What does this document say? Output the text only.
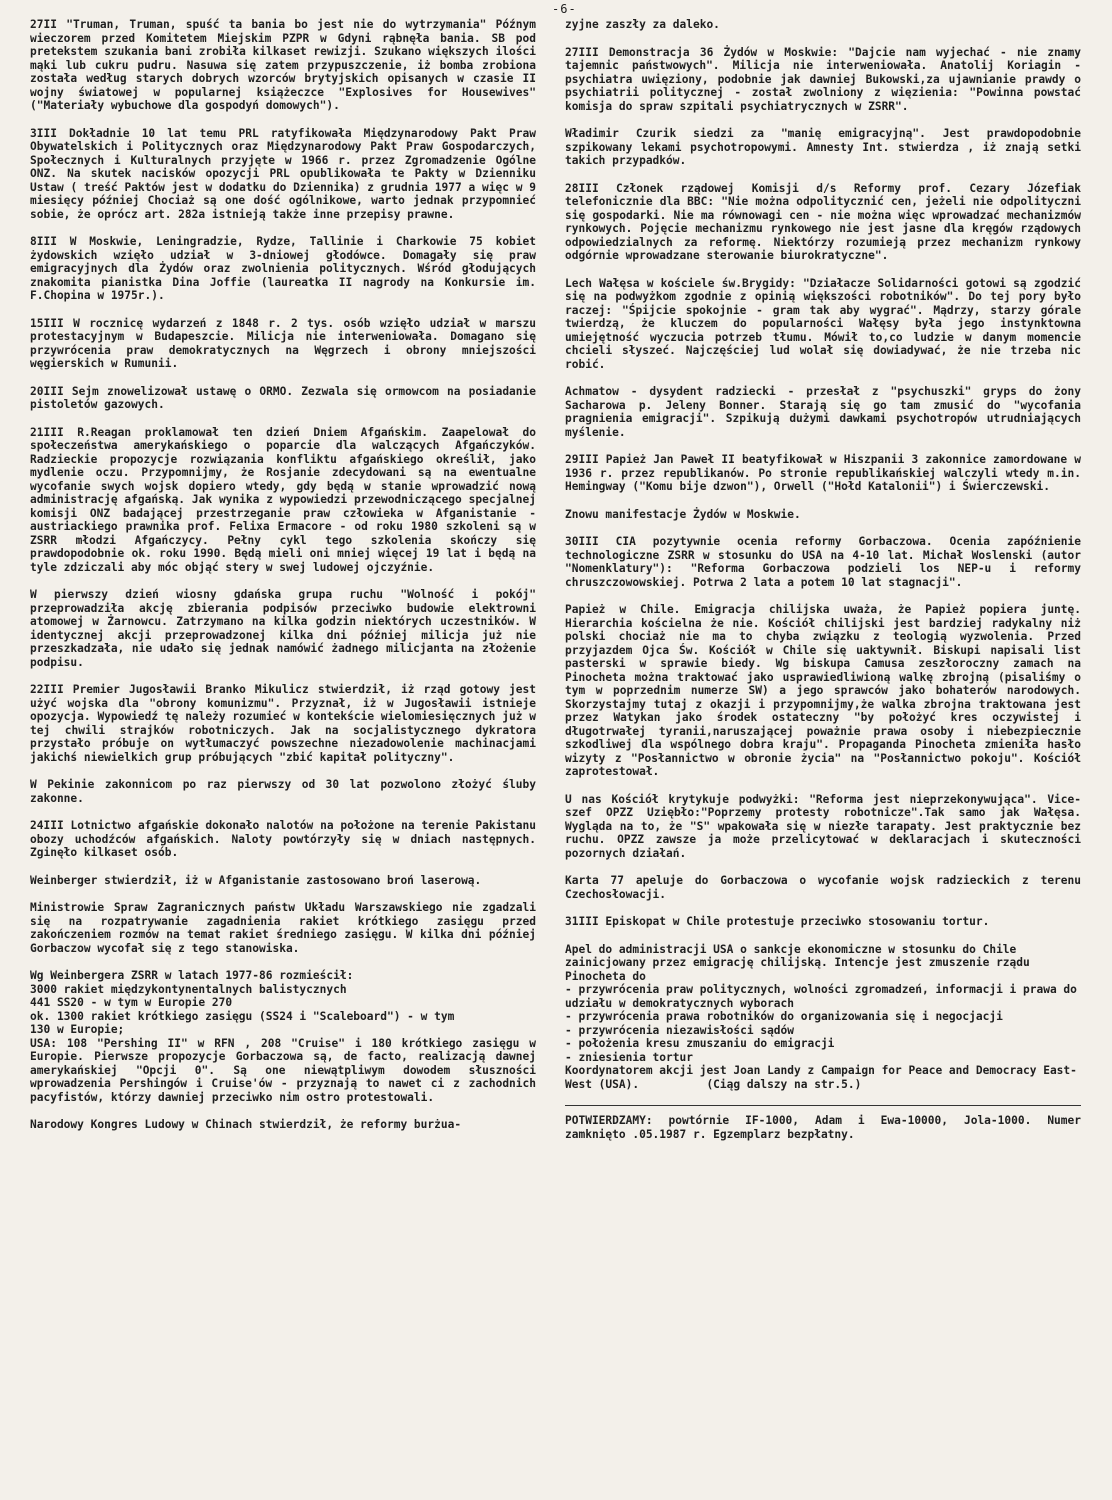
-6-

27II "Truman, Truman, spuść ta bania bo jest nie do wytrzymania" Późnym wieczorem przed Komitetem Miejskim PZPR w Gdyni rąbnęła bania. SB pod pretekstem szukania bani zrobiła kilkaset rewizji. Szukano większych ilości mąki lub cukru pudru. Nasuwa się zatem przypuszczenie, iż bomba zrobiona została według starych dobrych wzorców brytyjskich opisanych w czasie II wojny światowej w popularnej książeczce "Explosives for Housewives" ("Materiały wybuchowe dla gospodyń domowych").

3III Dokładnie 10 lat temu PRL ratyfikowała Międzynarodowy Pakt Praw Obywatelskich i Politycznych oraz Międzynarodowy Pakt Praw Gospodarczych, Społecznych i Kulturalnych przyjęte w 1966 r. przez Zgromadzenie Ogólne ONZ. Na skutek nacisków opozycji PRL opublikowała te Pakty w Dzienniku Ustaw ( treść Paktów jest w dodatku do Dziennika) z grudnia 1977 a więc w 9 miesięcy później Chociaż są one dość ogólnikowe, warto jednak przypomnieć sobie, że oprócz art. 282a istnieją także inne przepisy prawne.

8III W Moskwie, Leningradzie, Rydze, Tallinie i Charkowie 75 kobiet żydowskich wzięło udział w 3-dniowej głodówce. Domagały się praw emigracyjnych dla Żydów oraz zwolnienia politycznych. Wśród głodujących znakomita pianistka Dina Joffie (laureatka II nagrody na Konkursie im. F.Chopina w 1975r.).

15III W rocznicę wydarzeń z 1848 r. 2 tys. osób wzięło udział w marszu protestacyjnym w Budapeszcie. Milicja nie interweniowała. Domagano się przywrócenia praw demokratycznych na Węgrzech i obrony mniejszości węgierskich w Rumunii.

20III Sejm znowelizował ustawę o ORMO. Zezwala się ormowcom na posiadanie pistoletów gazowych.

21III R.Reagan proklamował ten dzień Dniem Afgańskim. Zaapelował do społeczeństwa amerykańskiego o poparcie dla walczących Afgańczyków. Radzieckie propozycje rozwiązania konfliktu afgańskiego określił, jako mydlenie oczu. Przypomnijmy, że Rosjanie zdecydowani są na ewentualne wycofanie swych wojsk dopiero wtedy, gdy będą w stanie wprowadzić nową administrację afgańską. Jak wynika z wypowiedzi przewodniczącego specjalnej komisji ONZ badającej przestrzeganie praw człowieka w Afganistanie - austriackiego prawnika prof. Felixa Ermacore - od roku 1980 szkoleni są w ZSRR młodzi Afgańczycy. Pełny cykl tego szkolenia skończy się prawdopodobnie ok. roku 1990. Będą mieli oni mniej więcej 19 lat i będą na tyle zdziczali aby móc objąć stery w swej ludowej ojczyźnie.

W pierwszy dzień wiosny gdańska grupa ruchu "Wolność i pokój" przeprowadziła akcję zbierania podpisów przeciwko budowie elektrowni atomowej w Żarnowcu. Zatrzymano na kilka godzin niektórych uczestników. W identycznej akcji przeprowadzonej kilka dni później milicja już nie przeszkadzała, nie udało się jednak namówić żadnego milicjanta na złożenie podpisu.

22III Premier Jugosławii Branko Mikulicz stwierdził, iż rząd gotowy jest użyć wojska dla "obrony komunizmu". Przyznał, iż w Jugosławii istnieje opozycja. Wypowiedź tę należy rozumieć w kontekście wielomiesięcznych już w tej chwili strajków robotniczych. Jak na socjalistycznego dykratora przystało próbuje on wytłumaczyć powszechne niezadowolenie machinacjami jakichś niewielkich grup próbujących "zbić kapitał polityczny".

W Pekinie zakonnicom po raz pierwszy od 30 lat pozwolono złożyć śluby zakonne.

24III Lotnictwo afgańskie dokonało nalotów na położone na terenie Pakistanu obozy uchodźców afgańskich. Naloty powtórzyły się w dniach następnych. Zginęło kilkaset osób.

Weinberger stwierdził, iż w Afganistanie zastosowano broń laserową.

Ministrowie Spraw Zagranicznych państw Układu Warszawskiego nie zgadzali się na rozpatrywanie zagadnienia rakiet krótkiego zasięgu przed zakończeniem rozmów na temat rakiet średniego zasięgu. W kilka dni później Gorbaczow wycofał się z tego stanowiska.

Wg Weinbergera ZSRR w latach 1977-86 rozmieścił:
3000 rakiet międzykontynentalnych balistycznych
441 SS20 - w tym w Europie 270
ok. 1300 rakiet krótkiego zasięgu (SS24 i "Scaleboard") - w tym
130 w Europie;

USA: 108 "Pershing II" w RFN , 208 "Cruise" i 180 krótkiego zasięgu w Europie. Pierwsze propozycje Gorbaczowa są, de facto, realizacją dawnej amerykańskiej "Opcji 0". Są one niewątpliwym dowodem słuszności wprowadzenia Pershingów i Cruise'ów - przyznają to nawet ci z zachodnich pacyfistów, którzy dawniej przeciwko nim ostro protestowali.

Narodowy Kongres Ludowy w Chinach stwierdził, że reformy burżua-

zyjne zaszły za daleko.

27III Demonstracja 36 Żydów w Moskwie: "Dajcie nam wyjechać - nie znamy tajemnic państwowych". Milicja nie interweniowała. Anatolij Koriagin - psychiatra uwięziony, podobnie jak dawniej Bukowski,za ujawnianie prawdy o psychiatrii politycznej - został zwolniony z więzienia: "Powinna powstać komisja do spraw szpitali psychiatrycznych w ZSRR".

Władimir Czurik siedzi za "manię emigracyjną". Jest prawdopodobnie szpikowany lekami psychotropowymi. Amnesty Int. stwierdza , iż znają setki takich przypadków.

28III Członek rządowej Komisji d/s Reformy prof. Cezary Józefiak telefonicznie dla BBC: "Nie można odpolitycznić cen, jeżeli nie odpolityczni się gospodarki. Nie ma równowagi cen - nie można więc wprowadzać mechanizmów rynkowych. Pojęcie mechanizmu rynkowego nie jest jasne dla kręgów rządowych odpowiedzialnych za reformę. Niektórzy rozumieją przez mechanizm rynkowy odgórnie wprowadzane sterowanie biurokratyczne".

Lech Wałęsa w kościele św.Brygidy: "Działacze Solidarności gotowi są zgodzić się na podwyżkom zgodnie z opinią większości robotników". Do tej pory było raczej: "Śpijcie spokojnie - gram tak aby wygrać". Mądrzy, starzy górale twierdzą, że kluczem do popularności Wałęsy była jego instynktowna umiejętność wyczucia potrzeb tłumu. Mówił to,co ludzie w danym momencie chcieli słyszeć. Najczęściej lud wolał się dowiadywać, że nie trzeba nic robić.

Achmatow - dysydent radziecki - przesłał z "psychuszki" gryps do żony Sacharowa p. Jeleny Bonner. Starają się go tam zmusić do "wycofania pragnienia emigracji". Szpikują dużymi dawkami psychotropów utrudniających myślenie.

29III Papież Jan Paweł II beatyfikował w Hiszpanii 3 zakonnice zamordowane w 1936 r. przez republikanów. Po stronie republikańskiej walczyli wtedy m.in. Hemingway ("Komu bije dzwon"), Orwell ("Hołd Katalonii") i Świerczewski.

Znowu manifestacje Żydów w Moskwie.

30III CIA pozytywnie ocenia reformy Gorbaczowa. Ocenia zapóźnienie technologiczne ZSRR w stosunku do USA na 4-10 lat. Michał Woslenski (autor "Nomenklatury"): "Reforma Gorbaczowa podzieli los NEP-u i reformy chruszczowowskiej. Potrwa 2 lata a potem 10 lat stagnacji".

Papież w Chile. Emigracja chilijska uważa, że Papież popiera juntę. Hierarchia kościelna że nie. Kościół chilijski jest bardziej radykalny niż polski chociaż nie ma to chyba związku z teologią wyzwolenia. Przed przyjazdem Ojca Św. Kościół w Chile się uaktywnił. Biskupi napisali list pasterski w sprawie biedy. Wg biskupa Camusa zeszłoroczny zamach na Pinocheta można traktować jako usprawiedliwioną walkę zbrojną (pisaliśmy o tym w poprzednim numerze SW) a jego sprawców jako bohaterów narodowych. Skorzystajmy tutaj z okazji i przypomnijmy,że walka zbrojna traktowana jest przez Watykan jako środek ostateczny "by położyć kres oczywistej i długotrwałej tyranii,naruszającej poważnie prawa osoby i niebezpiecznie szkodliwej dla wspólnego dobra kraju". Propaganda Pinocheta zmieniła hasło wizyty z "Posłannictwo w obronie życia" na "Posłannictwo pokoju". Kościół zaprotestował.

U nas Kościół krytykuje podwyżki: "Reforma jest nieprzekonywująca". Vice-szef OPZZ Uziębło:"Poprzemy protesty robotnicze".Tak samo jak Wałęsa. Wygląda na to, że "S" wpakowała się w niezłe tarapaty. Jest praktycznie bez ruchu. OPZZ zawsze ja może przelicytować w deklaracjach i skuteczności pozornych działań.

Karta 77 apeluje do Gorbaczowa o wycofanie wojsk radzieckich z terenu Czechosłowacji.

31III Episkopat w Chile protestuje przeciwko stosowaniu tortur.

Apel do administracji USA o sankcje ekonomiczne w stosunku do Chile zainicjowany przez emigrację chilijską. Intencje jest zmuszenie rządu Pinocheta do
- przywrócenia praw politycznych, wolności zgromadzeń, informacji i prawa do udziału w demokratycznych wyborach
- przywrócenia prawa robotników do organizowania się i negocjacji
- przywrócenia niezawisłości sądów
- położenia kresu zmuszaniu do emigracji
- zniesienia tortur
Koordynatorem akcji jest Joan Landy z Campaign for Peace and Democracy East-West (USA).          (Ciąg dalszy na str.5.)

POTWIERDZAMY: powtórnie IF-1000, Adam i Ewa-10000, Jola-1000. Numer zamknięto .05.1987 r. Egzemplarz bezpłatny.
